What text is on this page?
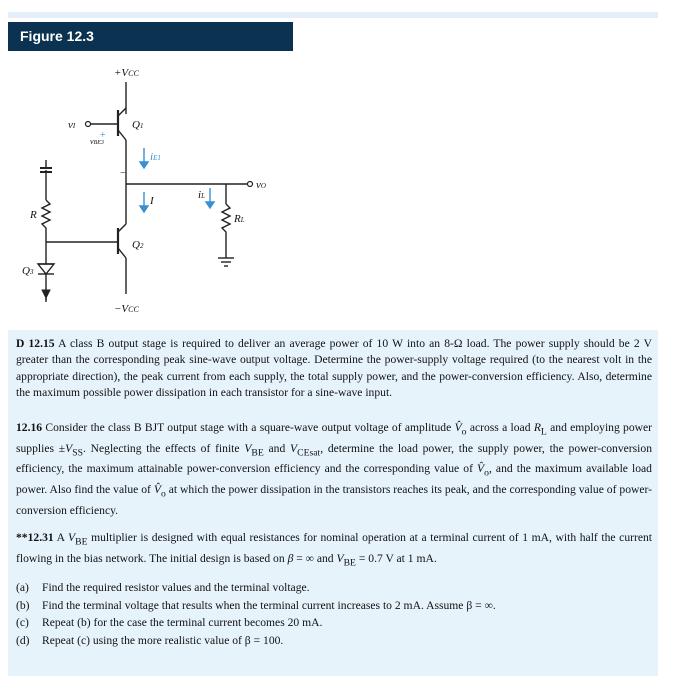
Figure 12.3
+VCC
−VCC
Q1
Q2
Q3
vI
vBE3
iE1
I	iL
RL
R
vO
+
−

D 12.15 A class B output stage is required to deliver an average power of 10 W into an 8-Ω load. The power supply should be 2 V greater than the corresponding peak sine-wave output voltage. Determine the power-supply voltage required (to the nearest volt in the appropriate direction), the peak current from each supply, the total supply power, and the power-conversion efficiency. Also, determine the maximum possible power dissipation in each transistor for a sine-wave input.

12.16 Consider the class B BJT output stage with a square-wave output voltage of amplitude $V̂_o$ across a load $R_L$ and employing power supplies $\pm V_{SS}$. Neglecting the effects of finite $V_{BE}$ and $V_{CEsat}$, determine the load power, the supply power, the power-conversion efficiency, the maximum attainable power-conversion efficiency and the corresponding value of $V̂_o$, and the maximum available load power. Also find the value of $V̂_o$ at which the power dissipation in the transistors reaches its peak, and the corresponding value of power-conversion efficiency.

**12.31 A $V_{BE}$ multiplier is designed with equal resistances for nominal operation at a terminal current of 1 mA, with half the current flowing in the bias network. The initial design is based on β = ∞ and $V_{BE} = 0.7$ V at 1 mA.

(a)	Find the required resistor values and the terminal voltage.
(b)	Find the terminal voltage that results when the terminal current increases to 2 mA. Assume β = ∞.
(c)	Repeat (b) for the case the terminal current becomes 20 mA.
(d)	Repeat (c) using the more realistic value of β = 100.
